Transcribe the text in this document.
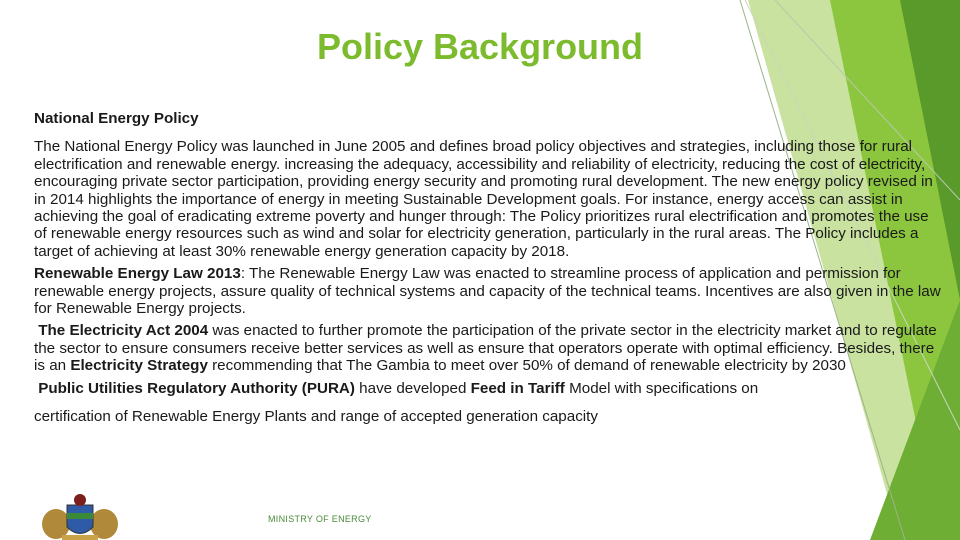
Policy Background
National Energy Policy

The National Energy Policy was launched in June 2005 and defines broad policy objectives and strategies, including those for rural electrification and renewable energy. increasing the adequacy, accessibility and reliability of electricity, reducing the cost of electricity, encouraging private sector participation, providing energy security and promoting rural development. The new energy policy revised in in 2014 highlights the importance of energy in meeting Sustainable Development goals. For instance, energy access can assist in achieving the goal of eradicating extreme poverty and hunger through: The Policy prioritizes rural electrification and promotes the use of renewable energy resources such as wind and solar for electricity generation, particularly in the rural areas. The Policy includes a target of achieving at least 30% renewable energy generation capacity by 2018.

Renewable Energy Law 2013: The Renewable Energy Law was enacted to streamline process of application and permission for renewable energy projects, assure quality of technical systems and capacity of the technical teams. Incentives are also given in the law for Renewable Energy projects.

The Electricity Act 2004 was enacted to further promote the participation of the private sector in the electricity market and to regulate the sector to ensure consumers receive better services as well as ensure that operators operate with optimal efficiency. Besides, there is an Electricity Strategy recommending that The Gambia to meet over 50% of demand of renewable electricity by 2030

Public Utilities Regulatory Authority (PURA) have developed Feed in Tariff Model with specifications on

certification of Renewable Energy Plants and range of accepted generation capacity

MINISTRY OF ENERGY
